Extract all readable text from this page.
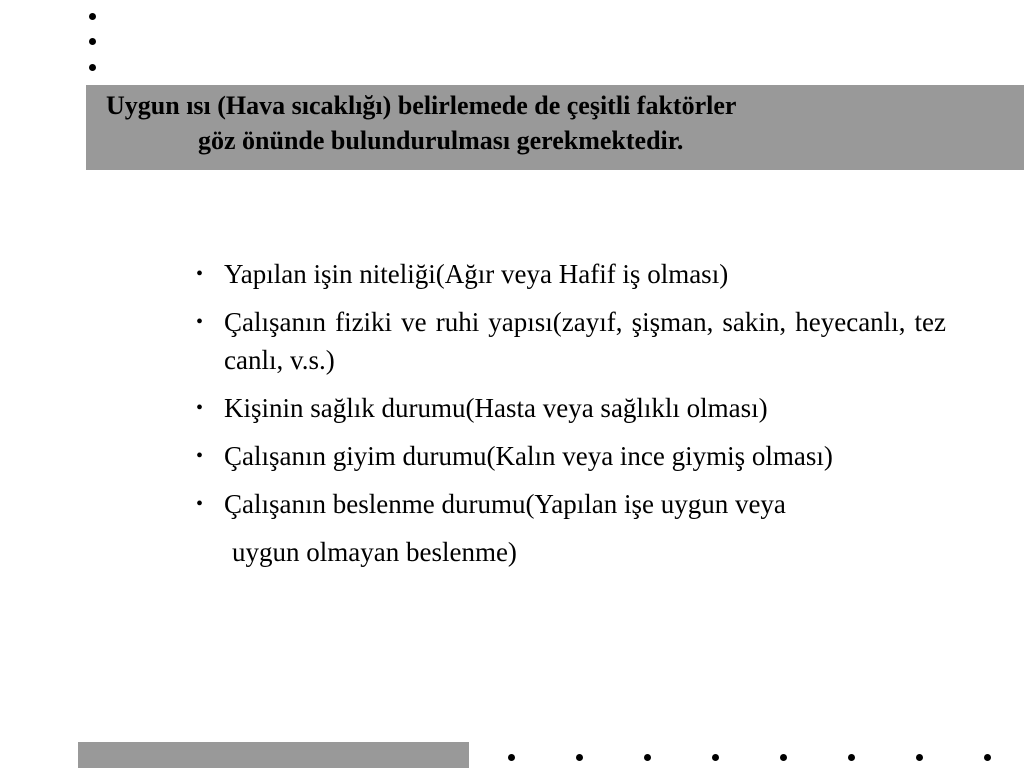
Uygun ısı (Hava sıcaklığı) belirlemede de çeşitli faktörler
göz önünde bulundurulması gerekmektedir.
• Yapılan işin niteliği(Ağır veya Hafif iş olması)
• Çalışanın fiziki ve ruhi yapısı(zayıf, şişman, sakin, heyecanlı, tez canlı, v.s.)
• Kişinin sağlık durumu(Hasta veya sağlıklı olması)
• Çalışanın giyim durumu(Kalın veya ince giymiş olması)
• Çalışanın beslenme durumu(Yapılan işe uygun veya
uygun olmayan beslenme)
